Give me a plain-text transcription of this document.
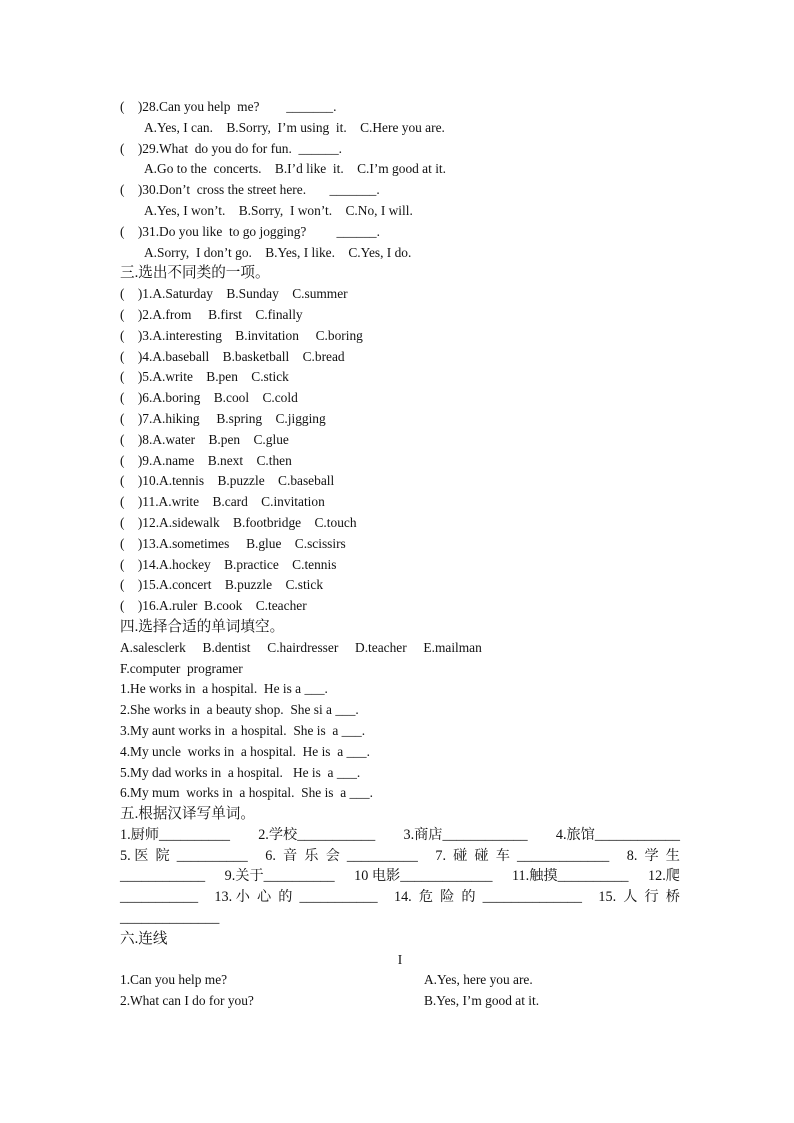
(    )28.Can you help  me?        _______.
A.Yes, I can.    B.Sorry,  I’m using  it.    C.Here you are.
(    )29.What  do you do for fun.  ______.
A.Go to the  concerts.    B.I’d like  it.    C.I’m good at it.
(    )30.Don’t  cross the street here.       _______.
A.Yes, I won’t.    B.Sorry,  I won’t.    C.No, I will.
(    )31.Do you like  to go jogging?         ______.
A.Sorry,  I don’t go.    B.Yes, I like.    C.Yes, I do.
三.选出不同类的一项。
(    )1.A.Saturday    B.Sunday    C.summer
(    )2.A.from     B.first    C.finally
(    )3.A.interesting    B.invitation     C.boring
(    )4.A.baseball    B.basketball    C.bread
(    )5.A.write    B.pen    C.stick
(    )6.A.boring    B.cool    C.cold
(    )7.A.hiking     B.spring    C.jigging
(    )8.A.water    B.pen    C.glue
(    )9.A.name    B.next    C.then
(    )10.A.tennis    B.puzzle    C.baseball
(    )11.A.write    B.card    C.invitation
(    )12.A.sidewalk    B.footbridge    C.touch
(    )13.A.sometimes     B.glue    C.scissirs
(    )14.A.hockey    B.practice    C.tennis
(    )15.A.concert    B.puzzle    C.stick
(    )16.A.ruler  B.cook    C.teacher
四.选择合适的单词填空。
A.salesclerk     B.dentist     C.hairdresser     D.teacher     E.mailman
F.computer  programer
1.He works in  a hospital.  He is a ___.
2.She works in  a beauty shop.  She si a ___.
3.My aunt works in  a hospital.  She is  a ___.
4.My uncle  works in  a hospital.  He is  a ___.
5.My dad works in  a hospital.   He is  a ___.
6.My mum  works in  a hospital.  She is  a ___.
五.根据汉译写单词。
1.厨师__________ 2.学校___________ 3.商店____________ 4.旅馆____________
5. 医  院  __________ 6.  音  乐  会  __________ 7.  碰  碰  车  _____________ 8.  学  生
____________ 9.关于__________ 10 电影_____________ 11.触摸__________ 12.爬
___________ 13. 小  心  的  ___________ 14.  危  险  的  ______________ 15.  人  行  桥
______________
六.连线
I
1.Can you help me?	A.Yes, here you are.
2.What can I do for you?	B.Yes, I’m good at it.
